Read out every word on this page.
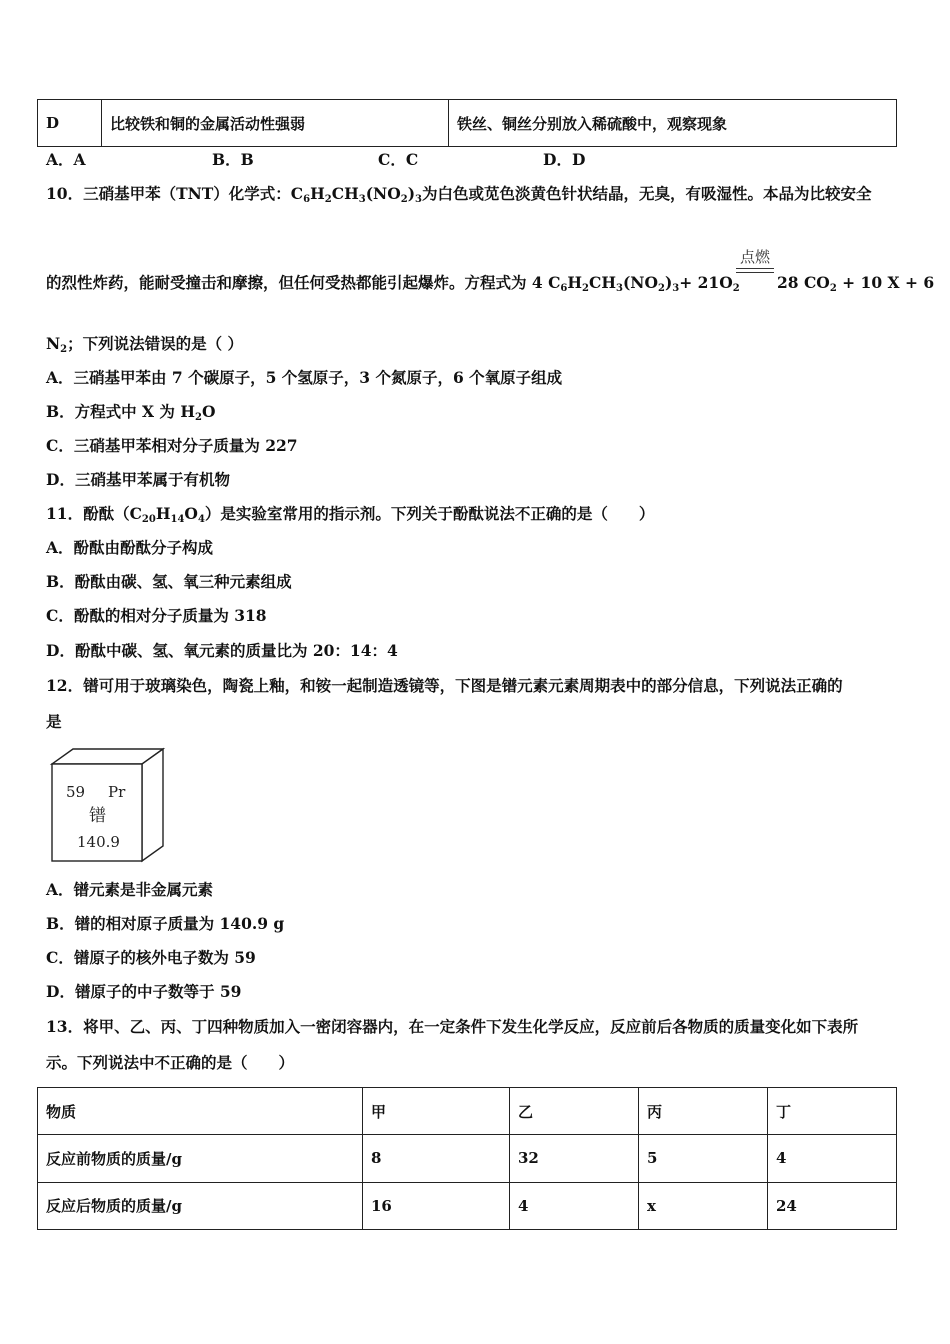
D	比较铁和铜的金属活动性强弱	铁丝、铜丝分别放入稀硫酸中，观察现象
A．A	B．B	C．C	D．D
10．三硝基甲苯（TNT）化学式：$C_6H_2CH_3(NO_2)_3$为白色或苋色淡黄色针状结晶，无臭，有吸湿性。本品为比较安全
的烈性炸药，能耐受撞击和摩擦，但任何受热都能引起爆炸。方程式为 4 $C_6H_2CH_3(NO_2)_3+ 21O_2$
点燃
28 $CO_2 + 10$ X + 6
$N_2$；下列说法错误的是（ ）
A．三硝基甲苯由 7 个碳原子，5 个氢原子，3 个氮原子，6 个氧原子组成
B．方程式中 X 为 $H_2O$
C．三硝基甲苯相对分子质量为 227
D．三硝基甲苯属于有机物
11．酚酞$(C_{20}H_{14}O_4)$是实验室常用的指示剂。下列关于酚酞说法不正确的是（　　）
A．酚酞由酚酞分子构成
B．酚酞由碳、氢、氧三种元素组成
C．酚酞的相对分子质量为 318
D．酚酞中碳、氢、氧元素的质量比为 20：14：4
12．镨可用于玻璃染色，陶瓷上釉，和铵一起制造透镜等，下图是镨元素元素周期表中的部分信息，下列说法正确的
是
59 Pr
镨
140.9
A．镨元素是非金属元素
B．镨的相对原子质量为 140.9 g
C．镨原子的核外电子数为 59
D．镨原子的中子数等于 59
13．将甲、乙、丙、丁四种物质加入一密闭容器内，在一定条件下发生化学反应，反应前后各物质的质量变化如下表所
示。下列说法中不正确的是（　　）
物质	甲	乙	丙	丁
反应前物质的质量/g	8	32	5	4
反应后物质的质量/g	16	4	x	24
